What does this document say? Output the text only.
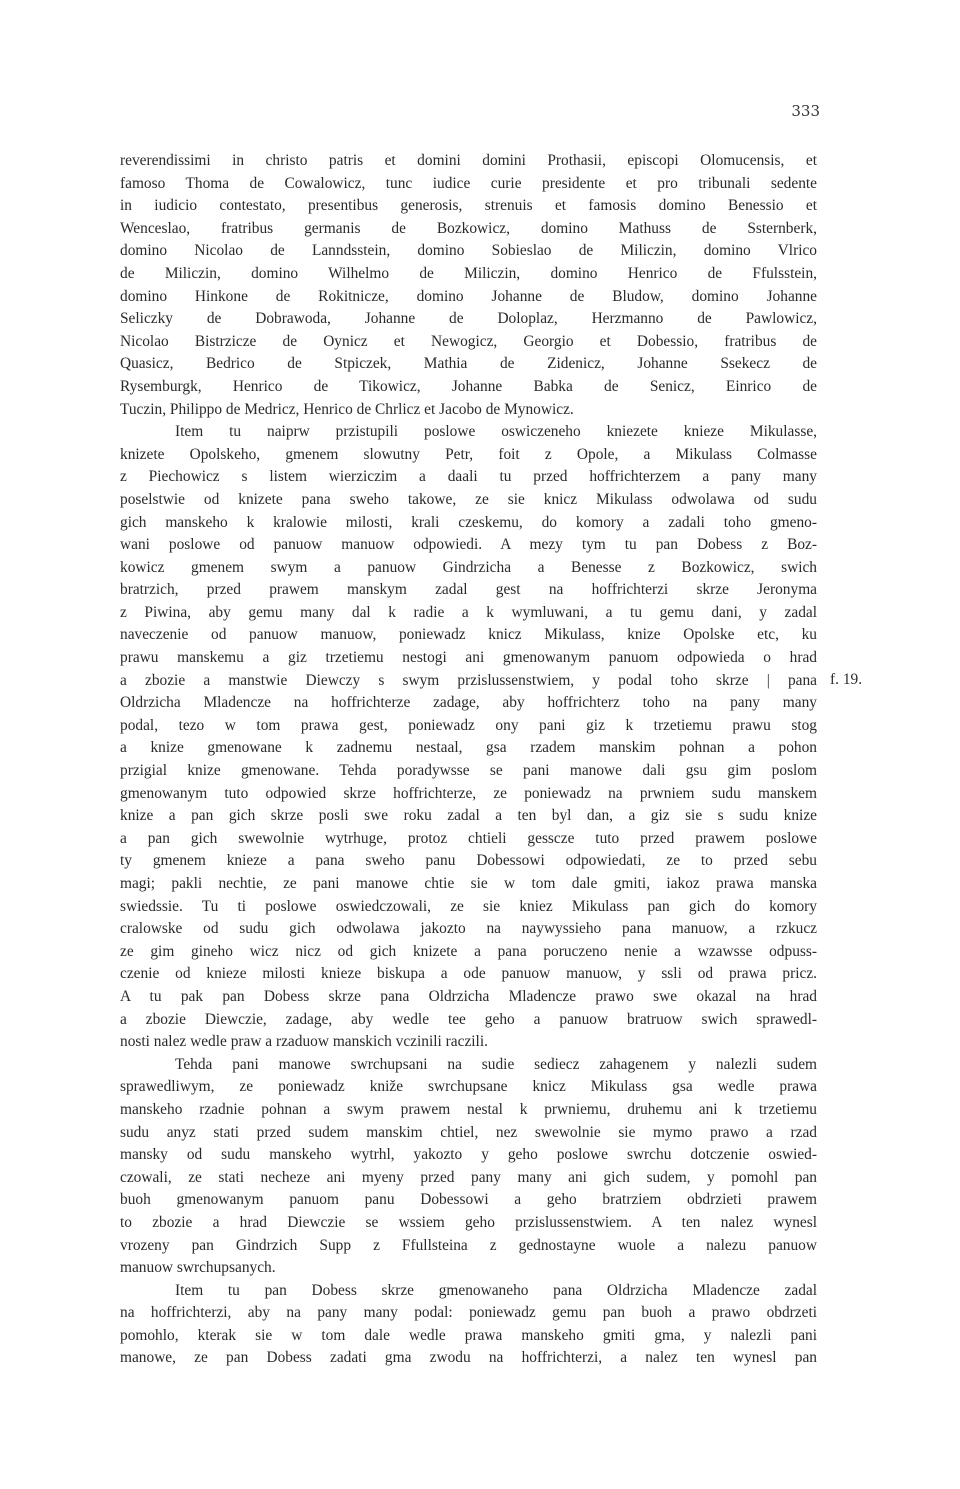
333
f. 19.
reverendissimi in christo patris et domini domini Prothasii, episcopi Olomucensis, et
famoso Thoma de Cowalowicz, tunc iudice curie presidente et pro tribunali sedente
in iudicio contestato, presentibus generosis, strenuis et famosis domino Benessio et
Wenceslao, fratribus germanis de Bozkowicz, domino Mathuss de Ssternberk,
domino Nicolao de Lanndsstein, domino Sobieslao de Miliczin, domino Vlrico
de Miliczin, domino Wilhelmo de Miliczin, domino Henrico de Ffulsstein,
domino Hinkone de Rokitnicze, domino Johanne de Bludow, domino Johanne
Seliczky de Dobrawoda, Johanne de Doloplaz, Herzmanno de Pawlowicz,
Nicolao Bistrzicze de Oynicz et Newogicz, Georgio et Dobessio, fratribus de
Quasicz, Bedrico de Stpiczek, Mathia de Zidenicz, Johanne Ssekecz de
Rysemburgk, Henrico de Tikowicz, Johanne Babka de Senicz, Einrico de
Tuczin, Philippo de Medricz, Henrico de Chrlicz et Jacobo de Mynowicz.
Item tu naiprw przistupili poslowe oswiczeneho kniezete knieze Mikulasse,
knizete Opolskeho, gmenem slowutny Petr, foit z Opole, a Mikulass Colmasse
z Piechowicz s listem wierziczim a daali tu przed hoffrichterzem a pany many
poselstwie od knizete pana sweho takowe, ze sie knicz Mikulass odwolawa od sudu
gich manskeho k kralowie milosti, krali czeskemu, do komory a zadali toho gmeno-
wani poslowe od panuow manuow odpowiedi. A mezy tym tu pan Dobess z Boz-
kowicz gmenem swym a panuow Gindrzicha a Benesse z Bozkowicz, swich
bratrzich, przed prawem manskym zadal gest na hoffrichterzi skrze Jeronyma
z Piwina, aby gemu many dal k radie a k wymluwani, a tu gemu dani, y zadal
naveczenie od panuow manuow, poniewadz knicz Mikulass, knize Opolske etc, ku
prawu manskemu a giz trzetiemu nestogi ani gmenowanym panuom odpowieda o hrad
a zbozie a manstwie Diewczy s swym przislussenstwiem, y podal toho skrze | pana
Oldrzicha Mladencze na hoffrichterze zadage, aby hoffrichterz toho na pany many
podal, tezo w tom prawa gest, poniewadz ony pani giz k trzetiemu prawu stog
a knize gmenowane k zadnemu nestaal, gsa rzadem manskim pohnan a pohon
przigial knize gmenowane. Tehda poradywsse se pani manowe dali gsu gim poslom
gmenowanym tuto odpowied skrze hoffrichterze, ze poniewadz na prwniem sudu manskem
knize a pan gich skrze posli swe roku zadal a ten byl dan, a giz sie s sudu knize
a pan gich swewolnie wytrhuge, protoz chtieli gesscze tuto przed prawem poslowe
ty gmenem knieze a pana sweho panu Dobessowi odpowiedati, ze to przed sebu
magi; pakli nechtie, ze pani manowe chtie sie w tom dale gmiti, iakoz prawa manska
swiedssie. Tu ti poslowe oswiedczowali, ze sie kniez Mikulass pan gich do komory
cralowske od sudu gich odwolawa jakozto na naywyssieho pana manuow, a rzkucz
ze gim gineho wicz nicz od gich knizete a pana poruczeno nenie a wzawsse odpuss-
czenie od knieze milosti knieze biskupa a ode panuow manuow, y ssli od prawa pricz.
A tu pak pan Dobess skrze pana Oldrzicha Mladencze prawo swe okazal na hrad
a zbozie Diewczie, zadage, aby wedle tee geho a panuow bratruow swich sprawedl-
nosti nalez wedle praw a rzaduow manskich vczinili raczili.
Tehda pani manowe swrchupsani na sudie sediecz zahagenem y nalezli sudem
sprawedliwym, ze poniewadz kniže swrchupsane knicz Mikulass gsa wedle prawa
manskeho rzadnie pohnan a swym prawem nestal k prwniemu, druhemu ani k trzetiemu
sudu anyz stati przed sudem manskim chtiel, nez swewolnie sie mymo prawo a rzad
mansky od sudu manskeho wytrhl, yakozto y geho poslowe swrchu dotczenie oswied-
czowali, ze stati necheze ani myeny przed pany many ani gich sudem, y pomohl pan
buoh gmenowanym panuom panu Dobessowi a geho bratrziem obdrzieti prawem
to zbozie a hrad Diewczie se wssiem geho przislussenstwiem. A ten nalez wynesl
vrozeny pan Gindrzich Supp z Ffullsteina z gednostayne wuole a nalezu panuow
manuow swrchupsanych.
Item tu pan Dobess skrze gmenowaneho pana Oldrzicha Mladencze zadal
na hoffrichterzi, aby na pany many podal: poniewadz gemu pan buoh a prawo obdrzeti
pomohlo, kterak sie w tom dale wedle prawa manskeho gmiti gma, y nalezli pani
manowe, ze pan Dobess zadati gma zwodu na hoffrichterzi, a nalez ten wynesl pan
